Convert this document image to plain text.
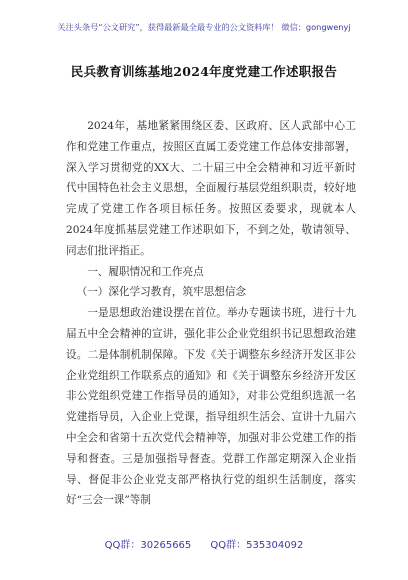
关注头条号“公文研究”，获得最新最全最专业的公文资料库！ 微信：gongwenyj
民兵教育训练基地2024年度党建工作述职报告

2024年，基地紧紧围绕区委、区政府、区人武部中心工作和党建工作重点，按照区直属工委党建工作总体安排部署，深入学习贯彻党的XX大、二十届三中全会精神和习近平新时代中国特色社会主义思想，全面履行基层党组织职责，较好地完成了党建工作各项目标任务。按照区委要求，现就本人2024年度抓基层党建工作述职如下，不到之处，敬请领导、同志们批评指正。

一、履职情况和工作亮点

（一）深化学习教育，筑牢思想信念

一是思想政治建设摆在首位。举办专题读书班，进行十九届五中全会精神的宣讲，强化非公企业党组织书记思想政治建设。二是体制机制保障。下发《关于调整东乡经济开发区非公企业党组织工作联系点的通知》和《关于调整东乡经济开发区非公党组织党建工作指导员的通知》，对非公党组织选派一名党建指导员，入企业上党课，指导组织生活会、宣讲十九届六中全会和省第十五次党代会精神等，加强对非公党建工作的指导和督查。三是加强指导督查。党群工作部定期深入企业指导、督促非公企业党支部严格执行党的组织生活制度，落实好“三会一课”等制

QQ群：30265665      QQ群：535304092
